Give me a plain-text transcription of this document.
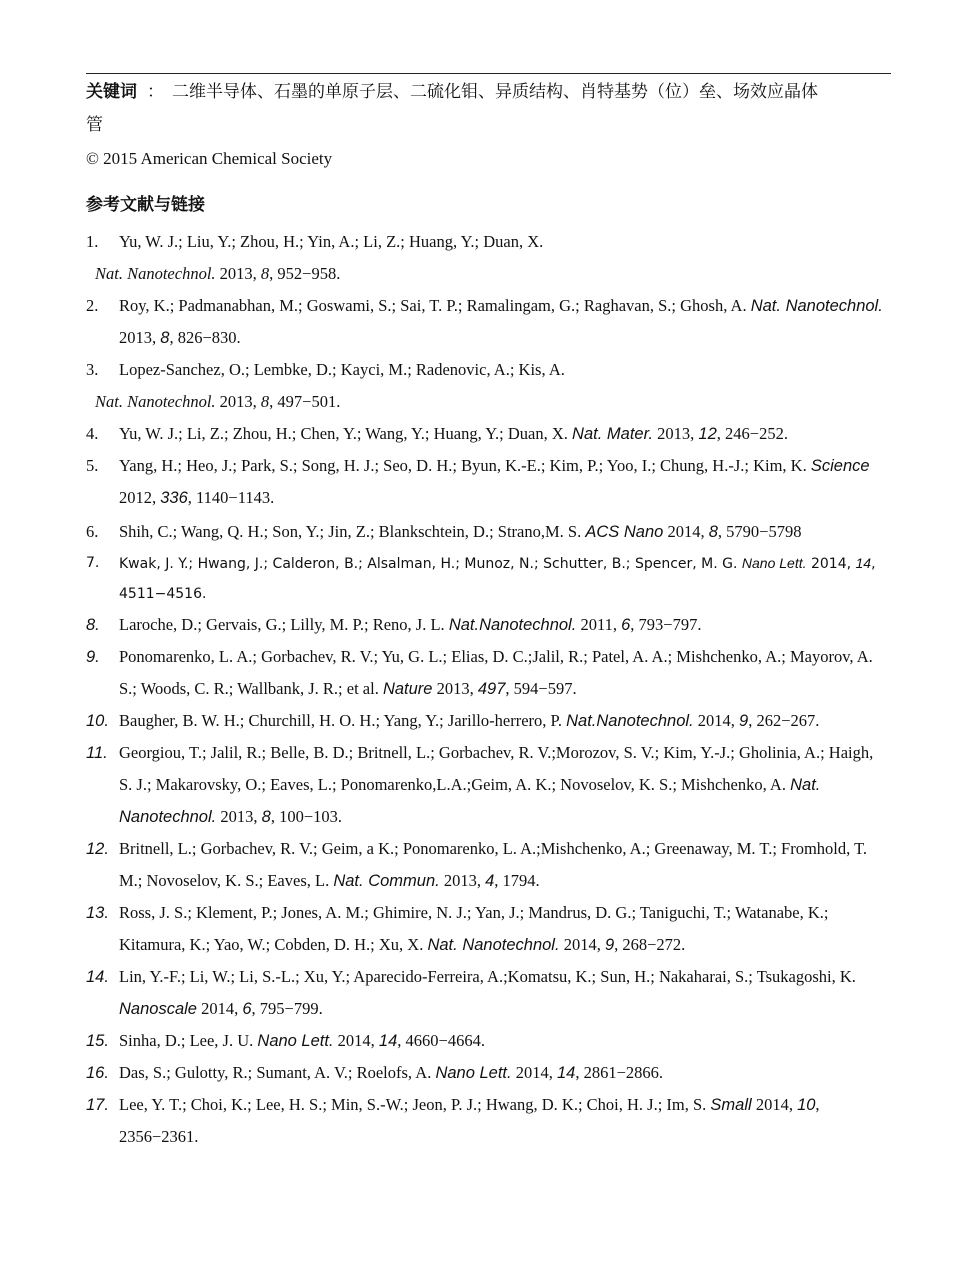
关键词 ： 二维半导体、石墨的单原子层、二硫化钼、异质结构、肖特基势（位）垒、场效应晶体管
© 2015 American Chemical Society
参考文献与链接
1. Yu, W. J.; Liu, Y.; Zhou, H.; Yin, A.; Li, Z.; Huang, Y.; Duan, X.
Nat. Nanotechnol. 2013, 8, 952−958.
2. Roy, K.; Padmanabhan, M.; Goswami, S.; Sai, T. P.; Ramalingam, G.; Raghavan, S.; Ghosh, A. Nat. Nanotechnol. 2013, 8, 826−830.
3. Lopez-Sanchez, O.; Lembke, D.; Kayci, M.; Radenovic, A.; Kis, A.
Nat. Nanotechnol. 2013, 8, 497−501.
4. Yu, W. J.; Li, Z.; Zhou, H.; Chen, Y.; Wang, Y.; Huang, Y.; Duan, X. Nat. Mater. 2013, 12, 246−252.
5. Yang, H.; Heo, J.; Park, S.; Song, H. J.; Seo, D. H.; Byun, K.-E.; Kim, P.; Yoo, I.; Chung, H.-J.; Kim, K. Science 2012, 336, 1140−1143.
6. Shih, C.; Wang, Q. H.; Son, Y.; Jin, Z.; Blankschtein, D.; Strano,M. S. ACS Nano 2014, 8, 5790−5798
7. Kwak, J. Y.; Hwang, J.; Calderon, B.; Alsalman, H.; Munoz, N.; Schutter, B.; Spencer, M. G. Nano Lett. 2014, 14, 4511−4516.
8. Laroche, D.; Gervais, G.; Lilly, M. P.; Reno, J. L. Nat.Nanotechnol. 2011, 6, 793−797.
9. Ponomarenko, L. A.; Gorbachev, R. V.; Yu, G. L.; Elias, D. C.;Jalil, R.; Patel, A. A.; Mishchenko, A.; Mayorov, A. S.; Woods, C. R.; Wallbank, J. R.; et al. Nature 2013, 497, 594−597.
10. Baugher, B. W. H.; Churchill, H. O. H.; Yang, Y.; Jarillo-herrero, P. Nat.Nanotechnol. 2014, 9, 262−267.
11. Georgiou, T.; Jalil, R.; Belle, B. D.; Britnell, L.; Gorbachev, R. V.;Morozov, S. V.; Kim, Y.-J.; Gholinia, A.; Haigh, S. J.; Makarovsky, O.; Eaves, L.; Ponomarenko,L.A.;Geim, A. K.; Novoselov, K. S.; Mishchenko, A. Nat. Nanotechnol. 2013, 8, 100−103.
12. Britnell, L.; Gorbachev, R. V.; Geim, a K.; Ponomarenko, L. A.;Mishchenko, A.; Greenaway, M. T.; Fromhold, T. M.; Novoselov, K. S.; Eaves, L. Nat. Commun. 2013, 4, 1794.
13. Ross, J. S.; Klement, P.; Jones, A. M.; Ghimire, N. J.; Yan, J.; Mandrus, D. G.; Taniguchi, T.; Watanabe, K.; Kitamura, K.; Yao, W.; Cobden, D. H.; Xu, X. Nat. Nanotechnol. 2014, 9, 268−272.
14. Lin, Y.-F.; Li, W.; Li, S.-L.; Xu, Y.; Aparecido-Ferreira, A.;Komatsu, K.; Sun, H.; Nakaharai, S.; Tsukagoshi, K. Nanoscale 2014, 6, 795−799.
15. Sinha, D.; Lee, J. U. Nano Lett. 2014, 14, 4660−4664.
16. Das, S.; Gulotty, R.; Sumant, A. V.; Roelofs, A. Nano Lett. 2014, 14, 2861−2866.
17. Lee, Y. T.; Choi, K.; Lee, H. S.; Min, S.-W.; Jeon, P. J.; Hwang, D. K.; Choi, H. J.; Im, S. Small 2014, 10, 2356−2361.
